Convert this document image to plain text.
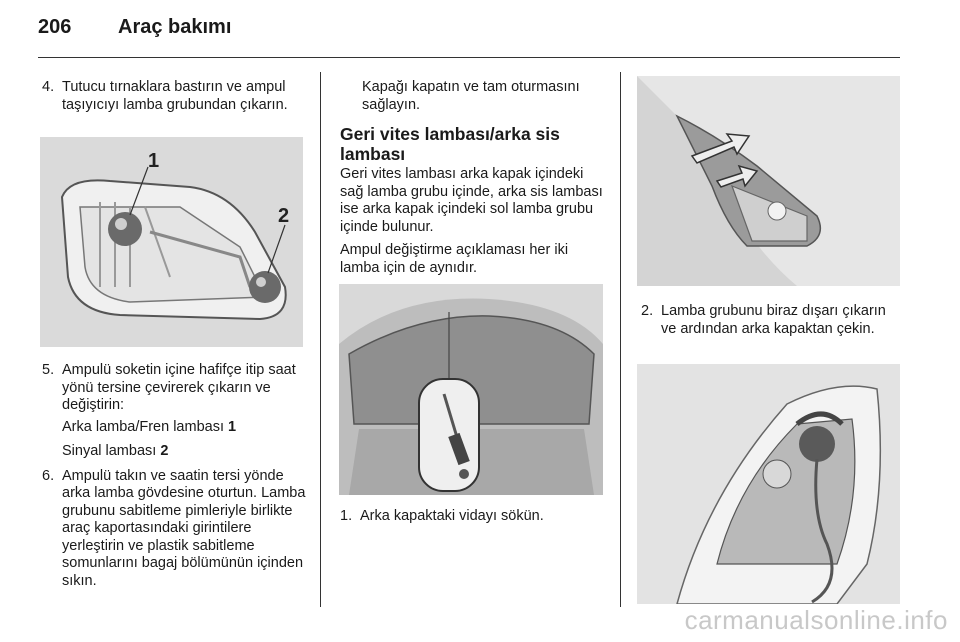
206 Araç bakımı
4. Tutucu tırnaklara bastırın ve ampul taşıyıcıyı lamba grubundan çıkarın.
1
2
5. Ampulü soketin içine hafifçe itip saat yönü tersine çevirerek çıkarın ve değiştirin:
Arka lamba/Fren lambası 1
Sinyal lambası 2
6. Ampulü takın ve saatin tersi yönde arka lamba gövdesine oturtun. Lamba grubunu sabitleme pimleriyle birlikte araç kaportasındaki girintilere yerleştirin ve plastik sabitleme somunlarını bagaj bölümünün içinden sıkın.
Kapağı kapatın ve tam oturmasını sağlayın.
Geri vites lambası/arka sis lambası
Geri vites lambası arka kapak içindeki sağ lamba grubu içinde, arka sis lambası ise arka kapak içindeki sol lamba grubu içinde bulunur.
Ampul değiştirme açıklaması her iki lamba için de aynıdır.
1. Arka kapaktaki vidayı sökün.
2. Lamba grubunu biraz dışarı çıkarın ve ardından arka kapaktan çekin.
carmanualsonline.info
